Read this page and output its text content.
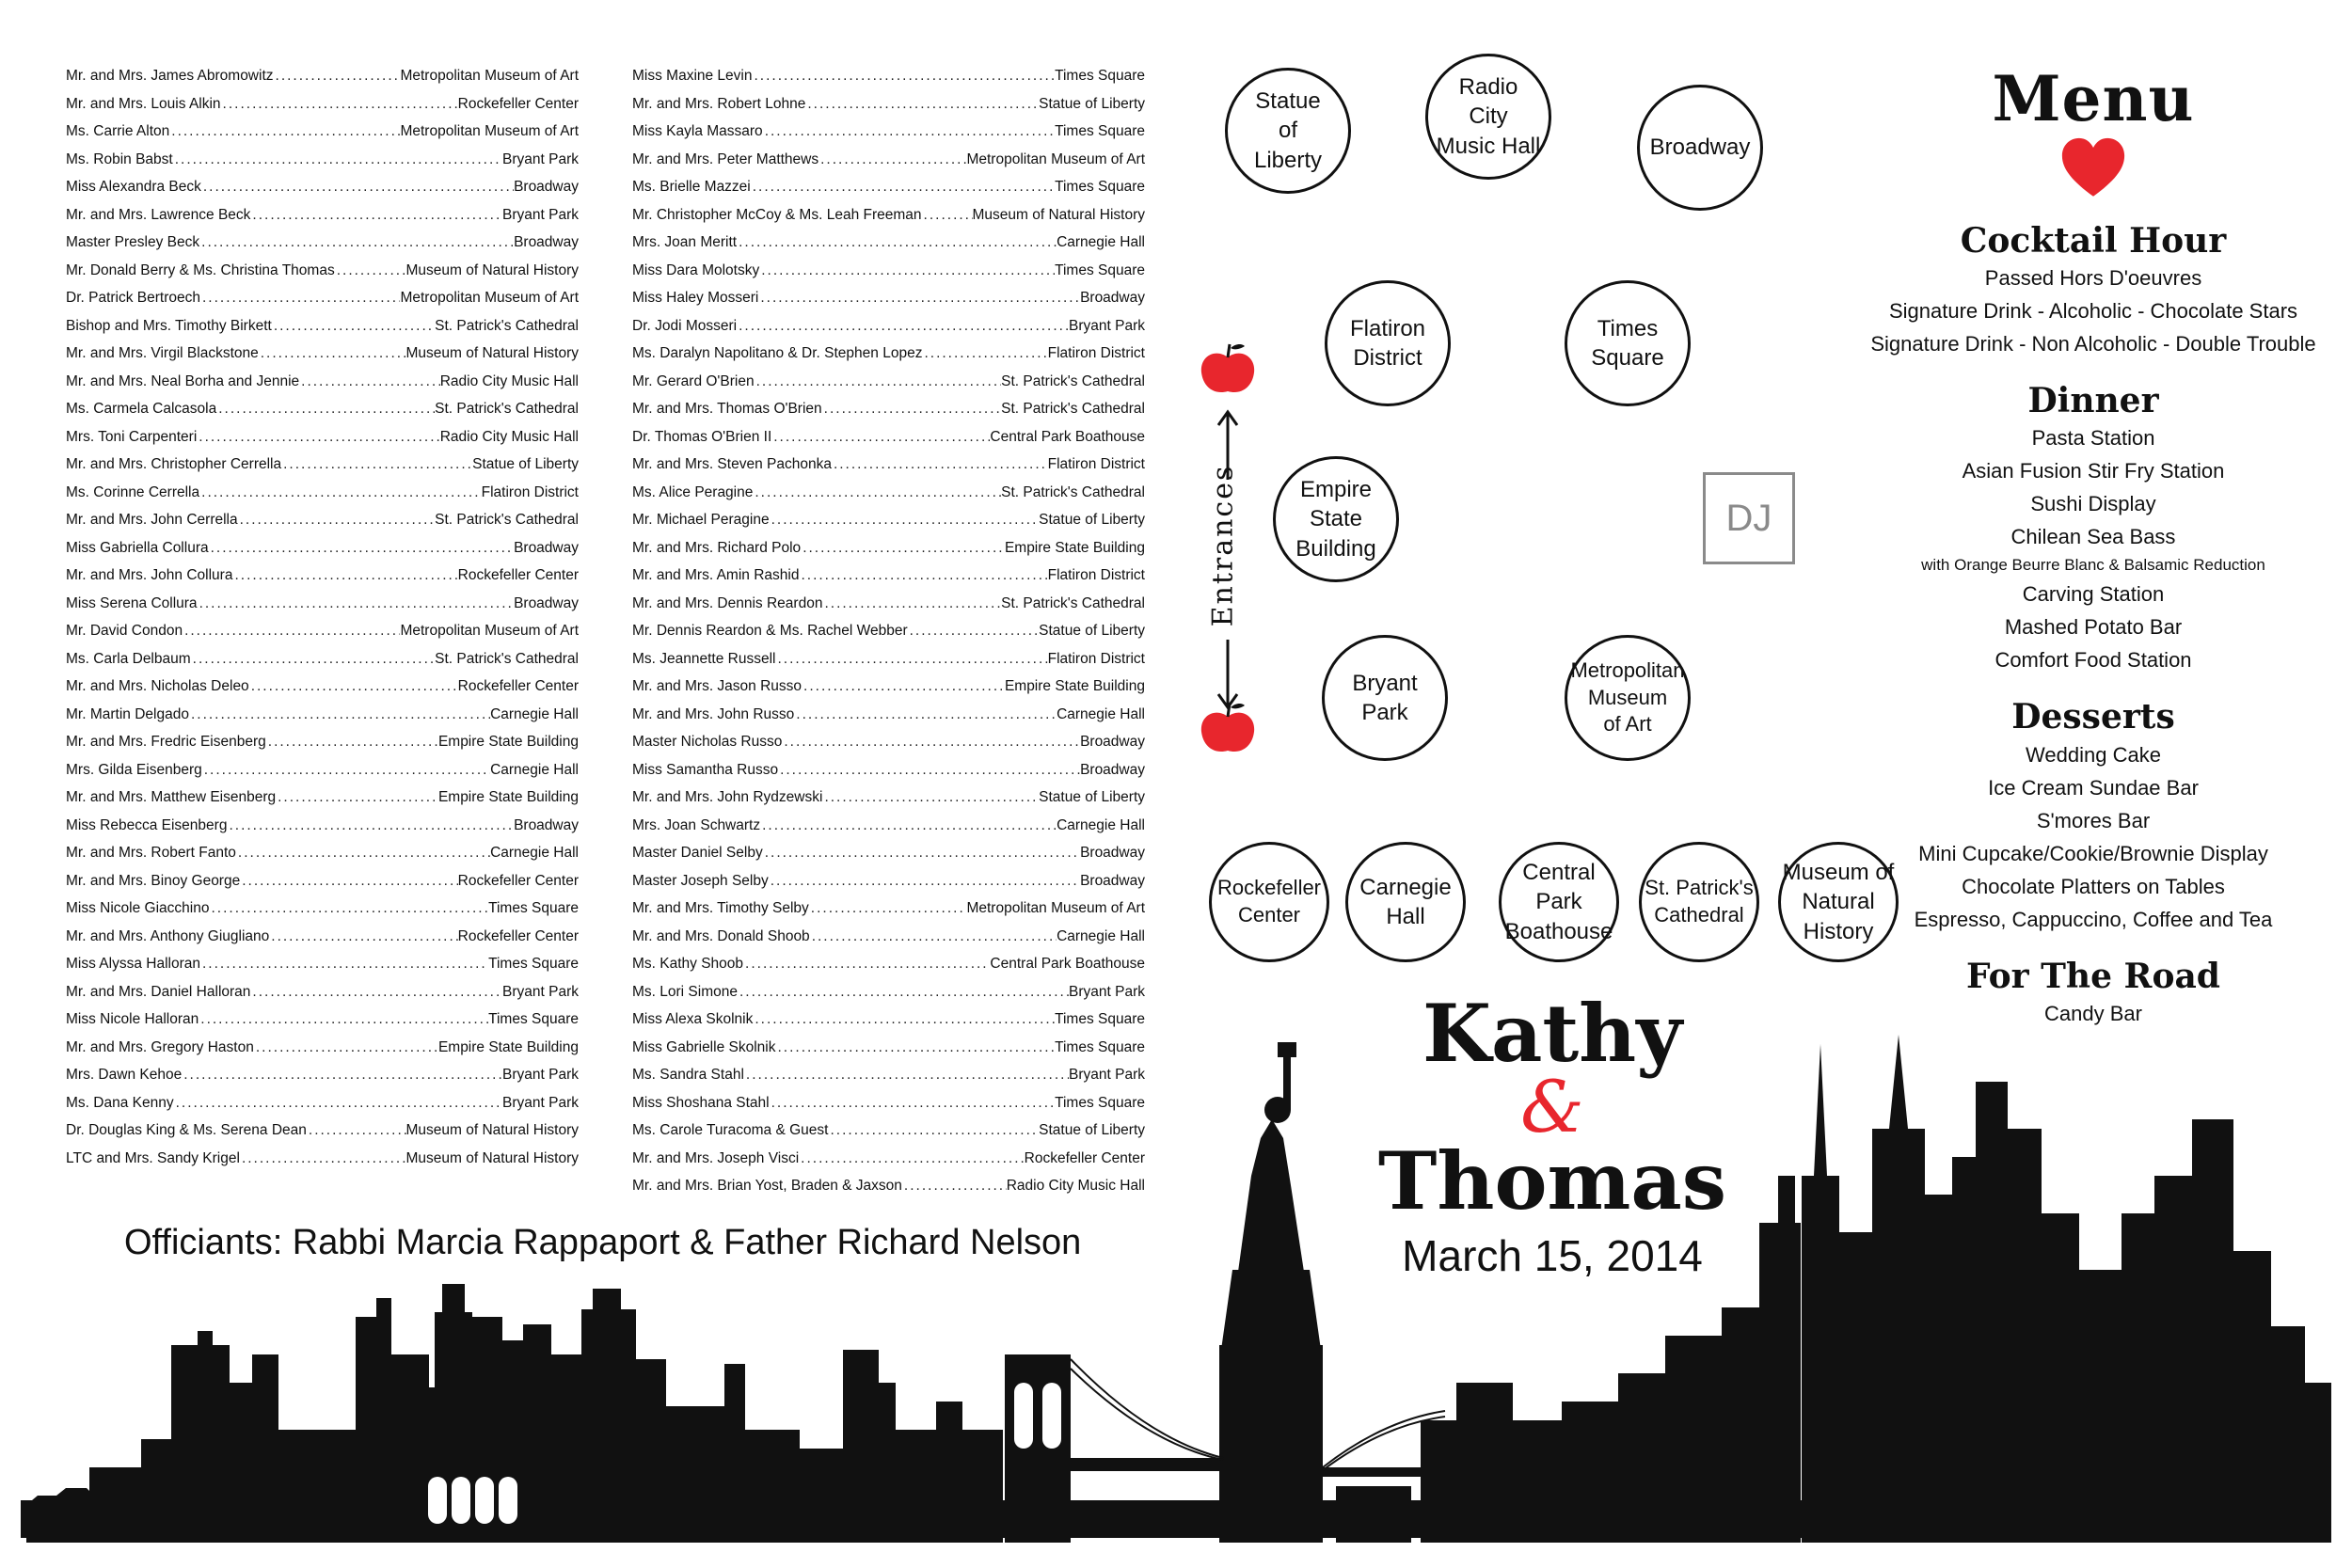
Mr. and Mrs. James Abromowitz .....	Metropolitan Museum of Art
Mr. and Mrs. Louis Alkin .....	Rockefeller Center
Ms. Carrie Alton .....	Metropolitan Museum of Art
Ms. Robin Babst .....	Bryant Park
Miss Alexandra Beck .....	Broadway
Mr. and Mrs. Lawrence Beck .....	Bryant Park
Master Presley Beck .....	Broadway
Mr. Donald Berry & Ms. Christina Thomas .....	Museum of Natural History
Dr. Patrick Bertroech .....	Metropolitan Museum of Art
Bishop and Mrs. Timothy Birkett .....	St. Patrick's Cathedral
Mr. and Mrs. Virgil Blackstone .....	Museum of Natural History
Mr. and Mrs. Neal Borha and Jennie .....	Radio City Music Hall
Ms. Carmela Calcasola .....	St. Patrick's Cathedral
Mrs. Toni Carpenteri .....	Radio City Music Hall
Mr. and Mrs. Christopher Cerrella .....	Statue of Liberty
Ms. Corinne Cerrella .....	Flatiron District
Mr. and Mrs. John Cerrella .....	St. Patrick's Cathedral
Miss Gabriella Collura .....	Broadway
Mr. and Mrs. John Collura .....	Rockefeller Center
Miss Serena Collura .....	Broadway
Mr. David Condon .....	Metropolitan Museum of Art
Ms. Carla Delbaum .....	St. Patrick's Cathedral
Mr. and Mrs. Nicholas Deleo .....	Rockefeller Center
Mr. Martin Delgado .....	Carnegie Hall
Mr. and Mrs. Fredric Eisenberg .....	Empire State Building
Mrs. Gilda Eisenberg .....	Carnegie Hall
Mr. and Mrs. Matthew Eisenberg .....	Empire State Building
Miss Rebecca Eisenberg .....	Broadway
Mr. and Mrs. Robert Fanto .....	Carnegie Hall
Mr. and Mrs. Binoy George .....	Rockefeller Center
Miss Nicole Giacchino .....	Times Square
Mr. and Mrs. Anthony Giugliano .....	Rockefeller Center
Miss Alyssa Halloran .....	Times Square
Mr. and Mrs. Daniel Halloran .....	Bryant Park
Miss Nicole Halloran .....	Times Square
Mr. and Mrs. Gregory Haston .....	Empire State Building
Mrs. Dawn Kehoe .....	Bryant Park
Ms. Dana Kenny .....	Bryant Park
Dr. Douglas King & Ms. Serena Dean .....	Museum of Natural History
LTC and Mrs. Sandy Krigel .....	Museum of Natural History
Miss Maxine Levin .....	Times Square
Mr. and Mrs. Robert Lohne .....	Statue of Liberty
Miss Kayla Massaro .....	Times Square
Mr. and Mrs. Peter Matthews .....	Metropolitan Museum of Art
Ms. Brielle Mazzei .....	Times Square
Mr. Christopher McCoy & Ms. Leah Freeman .....	Museum of Natural History
Mrs. Joan Meritt .....	Carnegie Hall
Miss Dara Molotsky .....	Times Square
Miss Haley Mosseri .....	Broadway
Dr. Jodi Mosseri .....	Bryant Park
Ms. Daralyn Napolitano & Dr. Stephen Lopez .....	Flatiron District
Mr. Gerard O'Brien .....	St. Patrick's Cathedral
Mr. and Mrs. Thomas O'Brien .....	St. Patrick's Cathedral
Dr. Thomas O'Brien II .....	Central Park Boathouse
Mr. and Mrs. Steven Pachonka .....	Flatiron District
Ms. Alice Peragine .....	St. Patrick's Cathedral
Mr. Michael Peragine .....	Statue of Liberty
Mr. and Mrs. Richard Polo .....	Empire State Building
Mr. and Mrs. Amin Rashid .....	Flatiron District
Mr. and Mrs. Dennis Reardon .....	St. Patrick's Cathedral
Mr. Dennis Reardon & Ms. Rachel Webber .....	Statue of Liberty
Ms. Jeannette Russell .....	Flatiron District
Mr. and Mrs. Jason Russo .....	Empire State Building
Mr. and Mrs. John Russo .....	Carnegie Hall
Master Nicholas Russo .....	Broadway
Miss Samantha Russo .....	Broadway
Mr. and Mrs. John Rydzewski .....	Statue of Liberty
Mrs. Joan Schwartz .....	Carnegie Hall
Master Daniel Selby .....	Broadway
Master Joseph Selby .....	Broadway
Mr. and Mrs. Timothy Selby .....	Metropolitan Museum of Art
Mr. and Mrs. Donald Shoob .....	Carnegie Hall
Ms. Kathy Shoob .....	Central Park Boathouse
Ms. Lori Simone .....	Bryant Park
Miss Alexa Skolnik .....	Times Square
Miss Gabrielle Skolnik .....	Times Square
Ms. Sandra Stahl .....	Bryant Park
Miss Shoshana Stahl .....	Times Square
Ms. Carole Turacoma & Guest .....	Statue of Liberty
Mr. and Mrs. Joseph Visci .....	Rockefeller Center
Mr. and Mrs. Brian Yost, Braden & Jaxson .....	Radio City Music Hall
Officiants: Rabbi Marcia Rappaport & Father Richard Nelson
Statue
of
Liberty
Radio
City
Music Hall	Broadway
Flatiron
District
Times
Square
Empire
State
Building
Bryant
Park
Metropolitan
Museum
of Art
Rockefeller
Center
Carnegie
Hall
Central
Park
Boathouse
St. Patrick's
Cathedral
Museum of
Natural
History
DJ
Entrances
Menu
Cocktail Hour
Passed Hors D'oeuvres
Signature Drink - Alcoholic - Chocolate Stars
Signature Drink - Non Alcoholic - Double Trouble
Dinner
Pasta Station
Asian Fusion Stir Fry Station
Sushi Display
Chilean Sea Bass
with Orange Beurre Blanc & Balsamic Reduction
Carving Station
Mashed Potato Bar
Comfort Food Station
Desserts
Wedding Cake
Ice Cream Sundae Bar
S'mores Bar
Mini Cupcake/Cookie/Brownie Display
Chocolate Platters on Tables
Espresso, Cappuccino, Coffee and Tea
For The Road
Candy Bar
Kathy
&
Thomas
March 15, 2014
